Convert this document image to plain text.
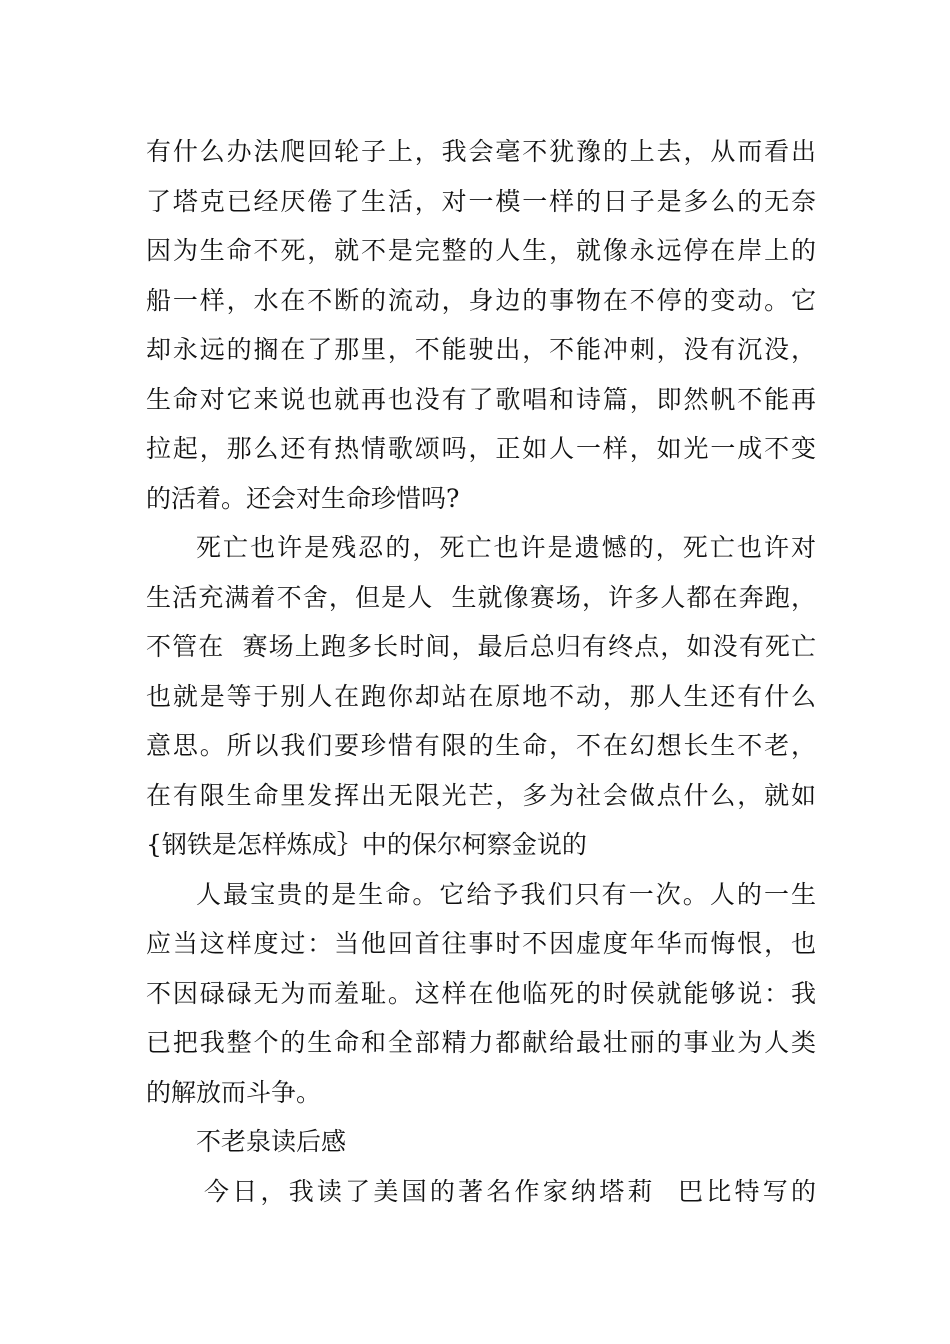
有什么办法爬回轮子上，我会毫不犹豫的上去，从而看出
了塔克已经厌倦了生活，对一模一样的日子是多么的无奈
因为生命不死，就不是完整的人生，就像永远停在岸上的
船一样，水在不断的流动，身边的事物在不停的变动。它
却永远的搁在了那里，不能驶出，不能冲刺，没有沉没，
生命对它来说也就再也没有了歌唱和诗篇，即然帆不能再
拉起，那么还有热情歌颂吗，正如人一样，如光一成不变
的活着。还会对生命珍惜吗?
死亡也许是残忍的，死亡也许是遗憾的，死亡也许对
生活充满着不舍，但是人  生就像赛场，许多人都在奔跑，
不管在  赛场上跑多长时间，最后总归有终点，如没有死亡
也就是等于别人在跑你却站在原地不动，那人生还有什么
意思。所以我们要珍惜有限的生命，不在幻想长生不老，
在有限生命里发挥出无限光芒，多为社会做点什么，就如
{钢铁是怎样炼成｝中的保尔柯察金说的
人最宝贵的是生命。它给予我们只有一次。人的一生
应当这样度过：当他回首往事时不因虚度年华而悔恨，也
不因碌碌无为而羞耻。这样在他临死的时侯就能够说：我
已把我整个的生命和全部精力都献给最壮丽的事业为人类
的解放而斗争。
不老泉读后感
今日，我读了美国的著名作家纳塔莉  巴比特写的
